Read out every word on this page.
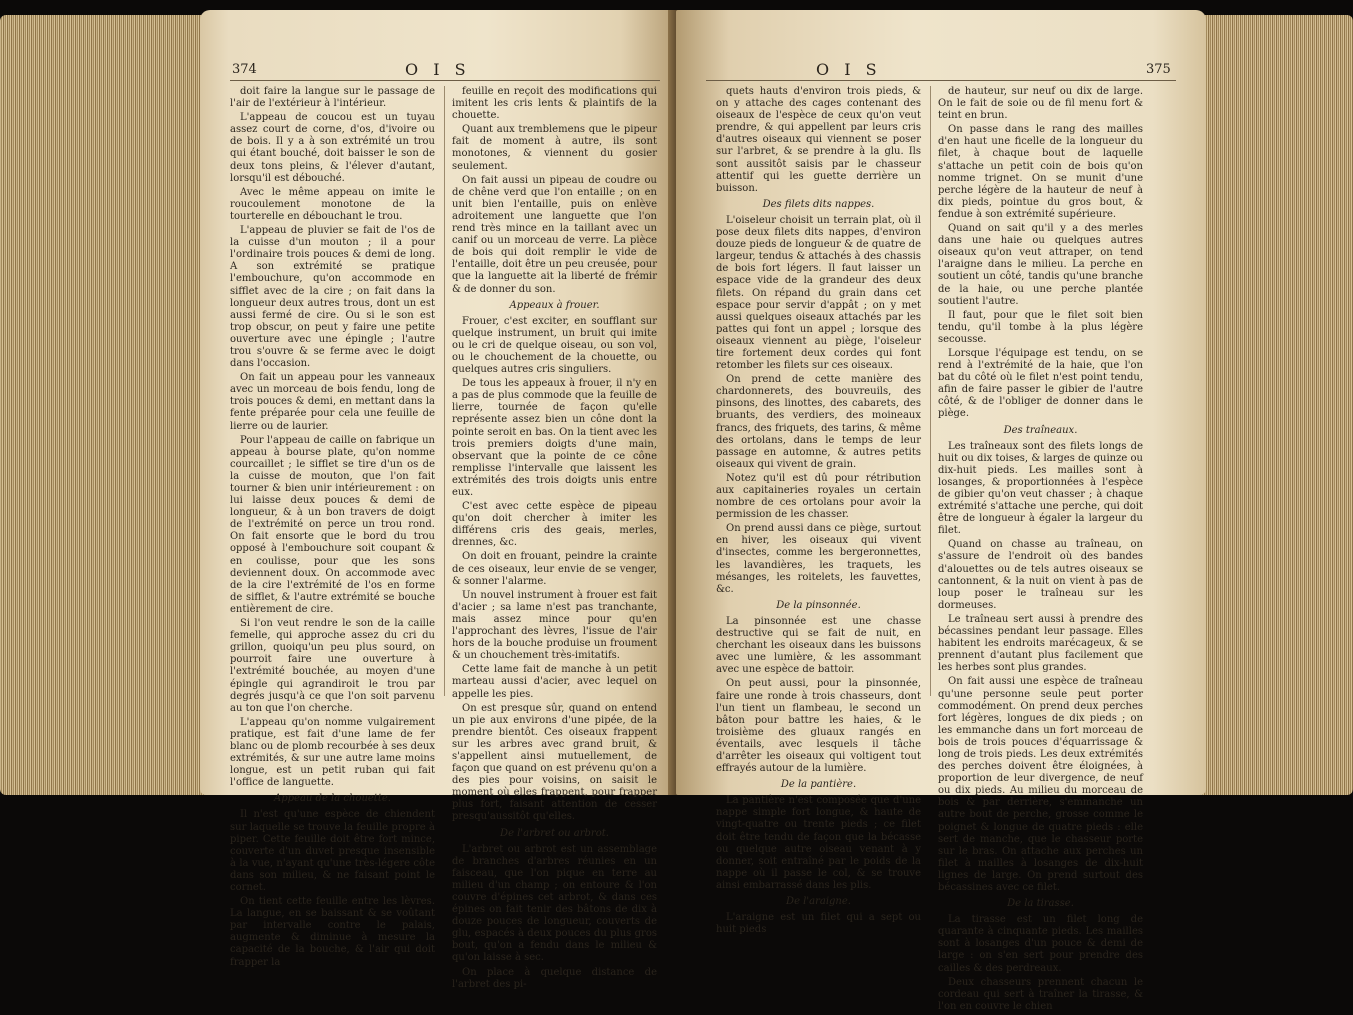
374	O I S

doit faire la langue sur le passage de l'air de l'extérieur à l'intérieur.

L'appeau de coucou est un tuyau assez court de corne, d'os, d'ivoire ou de bois. Il y a à son extrémité un trou qui étant bouché, doit baisser le son de deux tons pleins, & l'élever d'autant, lorsqu'il est débouché.

Avec le même appeau on imite le roucoulement monotone de la tourterelle en débouchant le trou.

L'appeau de pluvier se fait de l'os de la cuisse d'un mouton ; il a pour l'ordinaire trois pouces & demi de long. A son extrémité se pratique l'embouchure, qu'on accommode en sifflet avec de la cire ; on fait dans la longueur deux autres trous, dont un est aussi fermé de cire. Ou si le son est trop obscur, on peut y faire une petite ouverture avec une épingle ; l'autre trou s'ouvre & se ferme avec le doigt dans l'occasion.

On fait un appeau pour les vanneaux avec un morceau de bois fendu, long de trois pouces & demi, en mettant dans la fente préparée pour cela une feuille de lierre ou de laurier.

Pour l'appeau de caille on fabrique un appeau à bourse plate, qu'on nomme courcaillet ; le sifflet se tire d'un os de la cuisse de mouton, que l'on fait tourner & bien unir intérieurement : on lui laisse deux pouces & demi de longueur, & à un bon travers de doigt de l'extrémité on perce un trou rond. On fait ensorte que le bord du trou opposé à l'embouchure soit coupant & en coulisse, pour que les sons deviennent doux. On accommode avec de la cire l'extrémité de l'os en forme de sifflet, & l'autre extrémité se bouche entièrement de cire.

Si l'on veut rendre le son de la caille femelle, qui approche assez du cri du grillon, quoiqu'un peu plus sourd, on pourroit faire une ouverture à l'extrémité bouchée, au moyen d'une épingle qui agrandiroit le trou par degrés jusqu'à ce que l'on soit parvenu au ton que l'on cherche.

L'appeau qu'on nomme vulgairement pratique, est fait d'une lame de fer blanc ou de plomb recourbée à ses deux extrémités, & sur une autre lame moins longue, est un petit ruban qui fait l'office de languette.

Appeau de la chouette.

Il n'est qu'une espèce de chiendent sur laquelle se trouve la feuille propre à piper. Cette feuille doit être fort mince, couverte d'un duvet presque insensible à la vue, n'ayant qu'une très-légere côte dans son milieu, & ne faisant point le cornet.

On tient cette feuille entre les lèvres. La langue, en se baissant & se voûtant par intervalle contre le palais, augmente & diminue à mesure la capacité de la bouche, & l'air qui doit frapper la

feuille en reçoit des modifications qui imitent les cris lents & plaintifs de la chouette.

Quant aux tremblemens que le pipeur fait de moment à autre, ils sont monotones, & viennent du gosier seulement.

On fait aussi un pipeau de coudre ou de chêne verd que l'on entaille ; on en unit bien l'entaille, puis on enlève adroitement une languette que l'on rend très mince en la taillant avec un canif ou un morceau de verre. La pièce de bois qui doit remplir le vide de l'entaille, doit être un peu creusée, pour que la languette ait la liberté de frémir & de donner du son.

Appeaux à frouer.

Frouer, c'est exciter, en soufflant sur quelque instrument, un bruit qui imite ou le cri de quelque oiseau, ou son vol, ou le chouchement de la chouette, ou quelques autres cris singuliers.

De tous les appeaux à frouer, il n'y en a pas de plus commode que la feuille de lierre, tournée de façon qu'elle représente assez bien un cône dont la pointe seroit en bas. On la tient avec les trois premiers doigts d'une main, observant que la pointe de ce cône remplisse l'intervalle que laissent les extrémités des trois doigts unis entre eux.

C'est avec cette espèce de pipeau qu'on doit chercher à imiter les différens cris des geais, merles, drennes, &c.

On doit en frouant, peindre la crainte de ces oiseaux, leur envie de se venger, & sonner l'alarme.

Un nouvel instrument à frouer est fait d'acier ; sa lame n'est pas tranchante, mais assez mince pour qu'en l'approchant des lèvres, l'issue de l'air hors de la bouche produise un froument & un chouchement très-imitatifs.

Cette lame fait de manche à un petit marteau aussi d'acier, avec lequel on appelle les pies.

On est presque sûr, quand on entend un pie aux environs d'une pipée, de la prendre bientôt. Ces oiseaux frappent sur les arbres avec grand bruit, & s'appellent ainsi mutuellement, de façon que quand on est prévenu qu'on a des pies pour voisins, on saisit le moment où elles frappent, pour frapper plus fort, faisant attention de cesser presqu'aussitôt qu'elles.

De l'arbret ou arbrot.

L'arbret ou arbrot est un assemblage de branches d'arbres réunies en un faisceau, que l'on pique en terre au milieu d'un champ ; on entoure & l'on couvre d'épines cet arbrot, & dans ces épines on fait tenir des bâtons de dix à douze pouces de longueur, couverts de glu, espacés à deux pouces du plus gros bout, qu'on a fendu dans le milieu & qu'on laisse à sec.

On place à quelque distance de l'arbret des pi-

O I S	375

quets hauts d'environ trois pieds, & on y attache des cages contenant des oiseaux de l'espèce de ceux qu'on veut prendre, & qui appellent par leurs cris d'autres oiseaux qui viennent se poser sur l'arbret, & se prendre à la glu. Ils sont aussitôt saisis par le chasseur attentif qui les guette derrière un buisson.

Des filets dits nappes.

L'oiseleur choisit un terrain plat, où il pose deux filets dits nappes, d'environ douze pieds de longueur & de quatre de largeur, tendus & attachés à des chassis de bois fort légers. Il faut laisser un espace vide de la grandeur des deux filets. On répand du grain dans cet espace pour servir d'appât ; on y met aussi quelques oiseaux attachés par les pattes qui font un appel ; lorsque des oiseaux viennent au piège, l'oiseleur tire fortement deux cordes qui font retomber les filets sur ces oiseaux.

On prend de cette manière des chardonnerets, des bouvreuils, des pinsons, des linottes, des cabarets, des bruants, des verdiers, des moineaux francs, des friquets, des tarins, & même des ortolans, dans le temps de leur passage en automne, & autres petits oiseaux qui vivent de grain.

Notez qu'il est dû pour rétribution aux capitaineries royales un certain nombre de ces ortolans pour avoir la permission de les chasser.

On prend aussi dans ce piège, surtout en hiver, les oiseaux qui vivent d'insectes, comme les bergeronnettes, les lavandières, les traquets, les mésanges, les roitelets, les fauvettes, &c.

De la pinsonnée.

La pinsonnée est une chasse destructive qui se fait de nuit, en cherchant les oiseaux dans les buissons avec une lumière, & les assommant avec une espèce de battoir.

On peut aussi, pour la pinsonnée, faire une ronde à trois chasseurs, dont l'un tient un flambeau, le second un bâton pour battre les haies, & le troisième des gluaux rangés en éventails, avec lesquels il tâche d'arrêter les oiseaux qui voltigent tout effrayés autour de la lumière.

De la pantière.

La pantière n'est composée que d'une nappe simple fort longue, & haute de vingt-quatre ou trente pieds ; ce filet doit être tendu de façon que la bécasse ou quelque autre oiseau venant à y donner, soit entraîné par le poids de la nappe où il passe le col, & se trouve ainsi embarrassé dans les plis.

De l'araigne.

L'araigne est un filet qui a sept ou huit pieds

de hauteur, sur neuf ou dix de large. On le fait de soie ou de fil menu fort & teint en brun.

On passe dans le rang des mailles d'en haut une ficelle de la longueur du filet, à chaque bout de laquelle s'attache un petit coin de bois qu'on nomme trignet. On se munit d'une perche légère de la hauteur de neuf à dix pieds, pointue du gros bout, & fendue à son extrémité supérieure.

Quand on sait qu'il y a des merles dans une haie ou quelques autres oiseaux qu'on veut attraper, on tend l'araigne dans le milieu. La perche en soutient un côté, tandis qu'une branche de la haie, ou une perche plantée soutient l'autre.

Il faut, pour que le filet soit bien tendu, qu'il tombe à la plus légère secousse.

Lorsque l'équipage est tendu, on se rend à l'extrémité de la haie, que l'on bat du côté où le filet n'est point tendu, afin de faire passer le gibier de l'autre côté, & de l'obliger de donner dans le piège.

Des traîneaux.

Les traîneaux sont des filets longs de huit ou dix toises, & larges de quinze ou dix-huit pieds. Les mailles sont à losanges, & proportionnées à l'espèce de gibier qu'on veut chasser ; à chaque extrémité s'attache une perche, qui doit être de longueur à égaler la largeur du filet.

Quand on chasse au traîneau, on s'assure de l'endroit où des bandes d'alouettes ou de tels autres oiseaux se cantonnent, & la nuit on vient à pas de loup poser le traîneau sur les dormeuses.

Le traîneau sert aussi à prendre des bécassines pendant leur passage. Elles habitent les endroits marécageux, & se prennent d'autant plus facilement que les herbes sont plus grandes.

On fait aussi une espèce de traîneau qu'une personne seule peut porter commodément. On prend deux perches fort légères, longues de dix pieds ; on les emmanche dans un fort morceau de bois de trois pouces d'équarrissage & long de trois pieds. Les deux extrémités des perches doivent être éloignées, à proportion de leur divergence, de neuf ou dix pieds. Au milieu du morceau de bois & par derrière, s'emmanche un autre bout de perche, grosse comme le poignet & longue de quatre pieds : elle sert de manche, que le chasseur porte sur le bras. On attache aux perches un filet à mailles à losanges de dix-huit lignes de large. On prend surtout des bécassines avec ce filet.

De la tirasse.

La tirasse est un filet long de quarante à cinquante pieds. Les mailles sont à losanges d'un pouce & demi de large : on s'en sert pour prendre des cailles & des perdreaux.

Deux chasseurs prennent chacun le cordeau qui sert à traîner la tirasse, & l'on en couvre le chien
